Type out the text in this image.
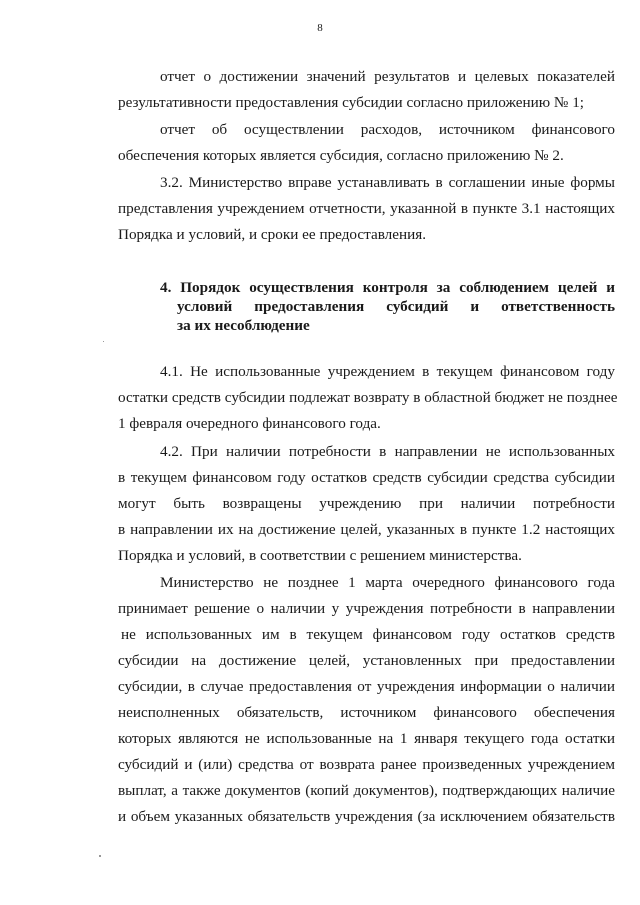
8
отчет о достижении значений результатов и целевых показателей
результативности предоставления субсидии согласно приложению № 1;
отчет об осуществлении расходов, источником финансового
обеспечения которых является субсидия, согласно приложению № 2.
3.2. Министерство вправе устанавливать в соглашении иные формы
представления учреждением отчетности, указанной в пункте 3.1 настоящих
Порядка и условий, и сроки ее предоставления.
4. Порядок осуществления контроля за соблюдением целей и
условий предоставления субсидий и ответственность
за их несоблюдение
4.1. Не использованные учреждением в текущем финансовом году
остатки средств субсидии подлежат возврату в областной бюджет не позднее
1 февраля очередного финансового года.
4.2. При наличии потребности в направлении не использованных
в текущем финансовом году остатков средств субсидии средства субсидии
могут быть возвращены учреждению при наличии потребности
в направлении их на достижение целей, указанных в пункте 1.2 настоящих
Порядка и условий, в соответствии с решением министерства.
Министерство не позднее 1 марта очередного финансового года
принимает решение о наличии у учреждения потребности в направлении
не использованных им в текущем финансовом году остатков средств
субсидии на достижение целей, установленных при предоставлении
субсидии, в случае предоставления от учреждения информации о наличии
неисполненных обязательств, источником финансового обеспечения
которых являются не использованные на 1 января текущего года остатки
субсидий и (или) средства от возврата ранее произведенных учреждением
выплат, а также документов (копий документов), подтверждающих наличие
и объем указанных обязательств учреждения (за исключением обязательств
